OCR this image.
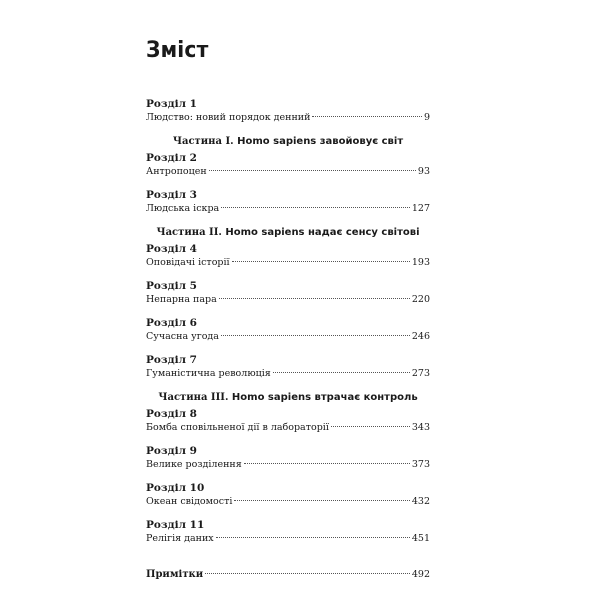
Зміст
Розділ 1
Людство: новий порядок денний	9
Частина I. Homo sapiens завойовує світ
Розділ 2
Антропоцен	93
Розділ 3
Людська іскра	127
Частина II. Homo sapiens надає сенсу світові
Розділ 4
Оповідачі історії	193
Розділ 5
Непарна пара	220
Розділ 6
Сучасна угода	246
Розділ 7
Гуманістична революція	273
Частина III. Homo sapiens втрачає контроль
Розділ 8
Бомба сповільненої дії в лабораторії	343
Розділ 9
Велике розділення	373
Розділ 10
Океан свідомості	432
Розділ 11
Релігія даних	451
Примітки	492
